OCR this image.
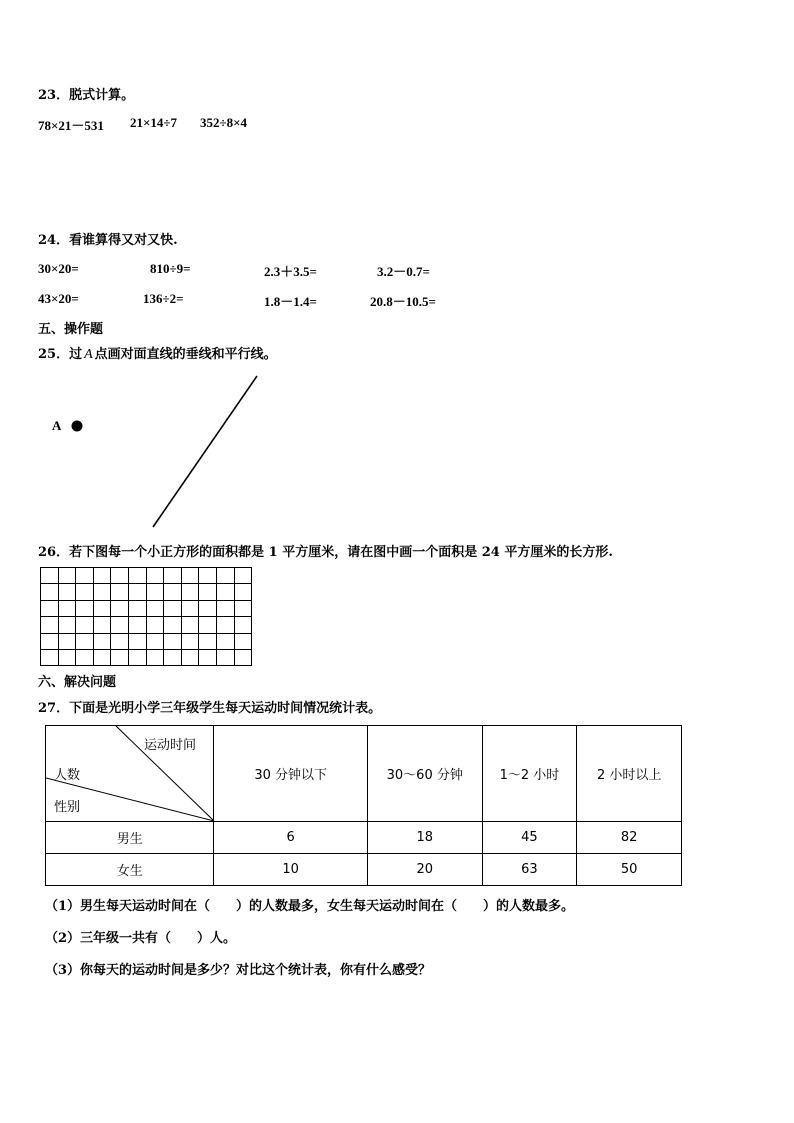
23．脱式计算。
78×21－531 21×14÷7 352÷8×4
24．看谁算得又对又快.
30×20=	810÷9=	2.3＋3.5=	3.2－0.7=
43×20=	136÷2=	1.8－1.4=	20.8－10.5=
五、操作题
25．过 A 点画对面直线的垂线和平行线。
A
26．若下图每一个小正方形的面积都是 1 平方厘米，请在图中画一个面积是 24 平方厘米的长方形.

六、解决问题
27．下面是光明小学三年级学生每天运动时间情况统计表。
运动时间
人数
性别	30 分钟以下	30～60 分钟	1～2 小时	2 小时以上
男生	6	18	45	82
女生	10	20	63	50
（1）男生每天运动时间在（　　）的人数最多，女生每天运动时间在（　　）的人数最多。
（2）三年级一共有（　　）人。
（3）你每天的运动时间是多少？对比这个统计表，你有什么感受？
